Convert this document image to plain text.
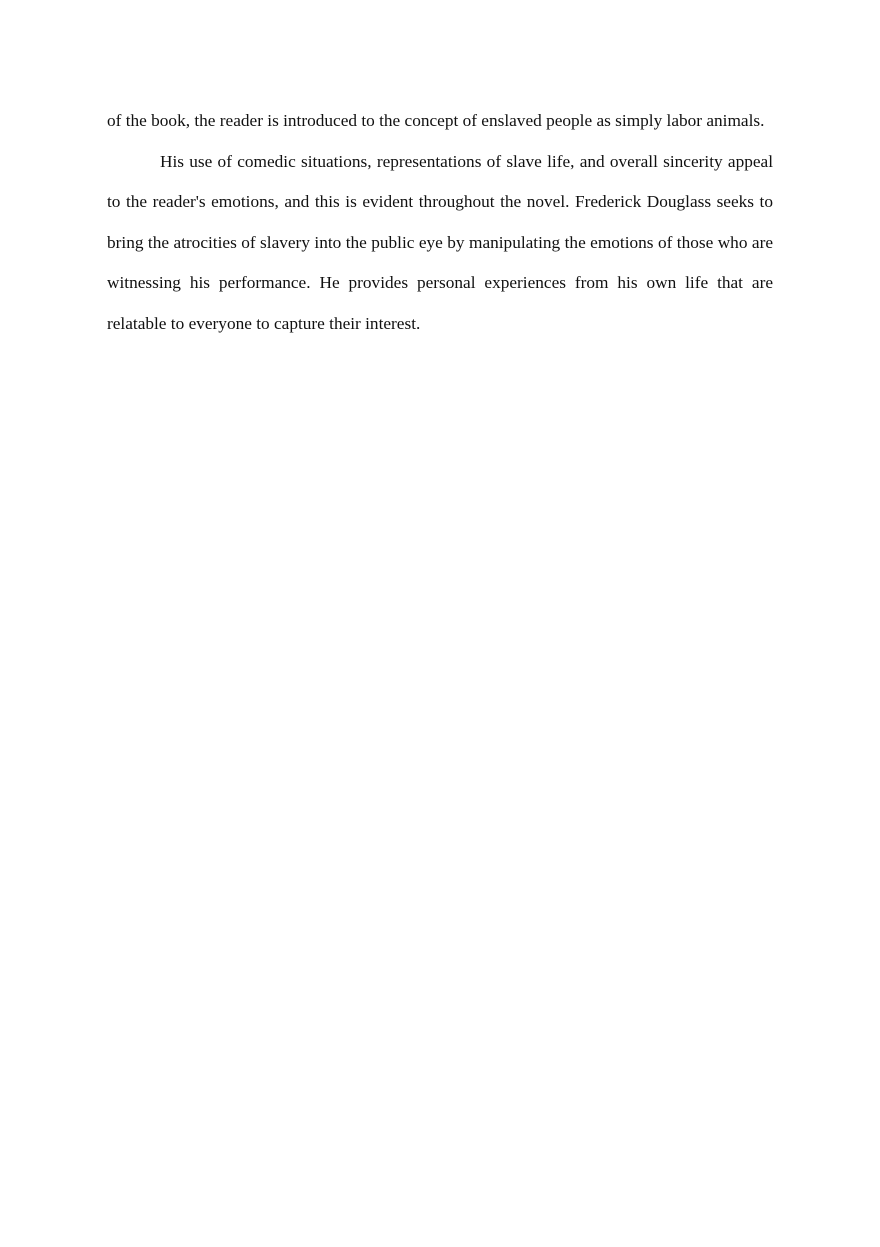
of the book, the reader is introduced to the concept of enslaved people as simply labor animals.

His use of comedic situations, representations of slave life, and overall sincerity appeal to the reader's emotions, and this is evident throughout the novel. Frederick Douglass seeks to bring the atrocities of slavery into the public eye by manipulating the emotions of those who are witnessing his performance. He provides personal experiences from his own life that are relatable to everyone to capture their interest.
